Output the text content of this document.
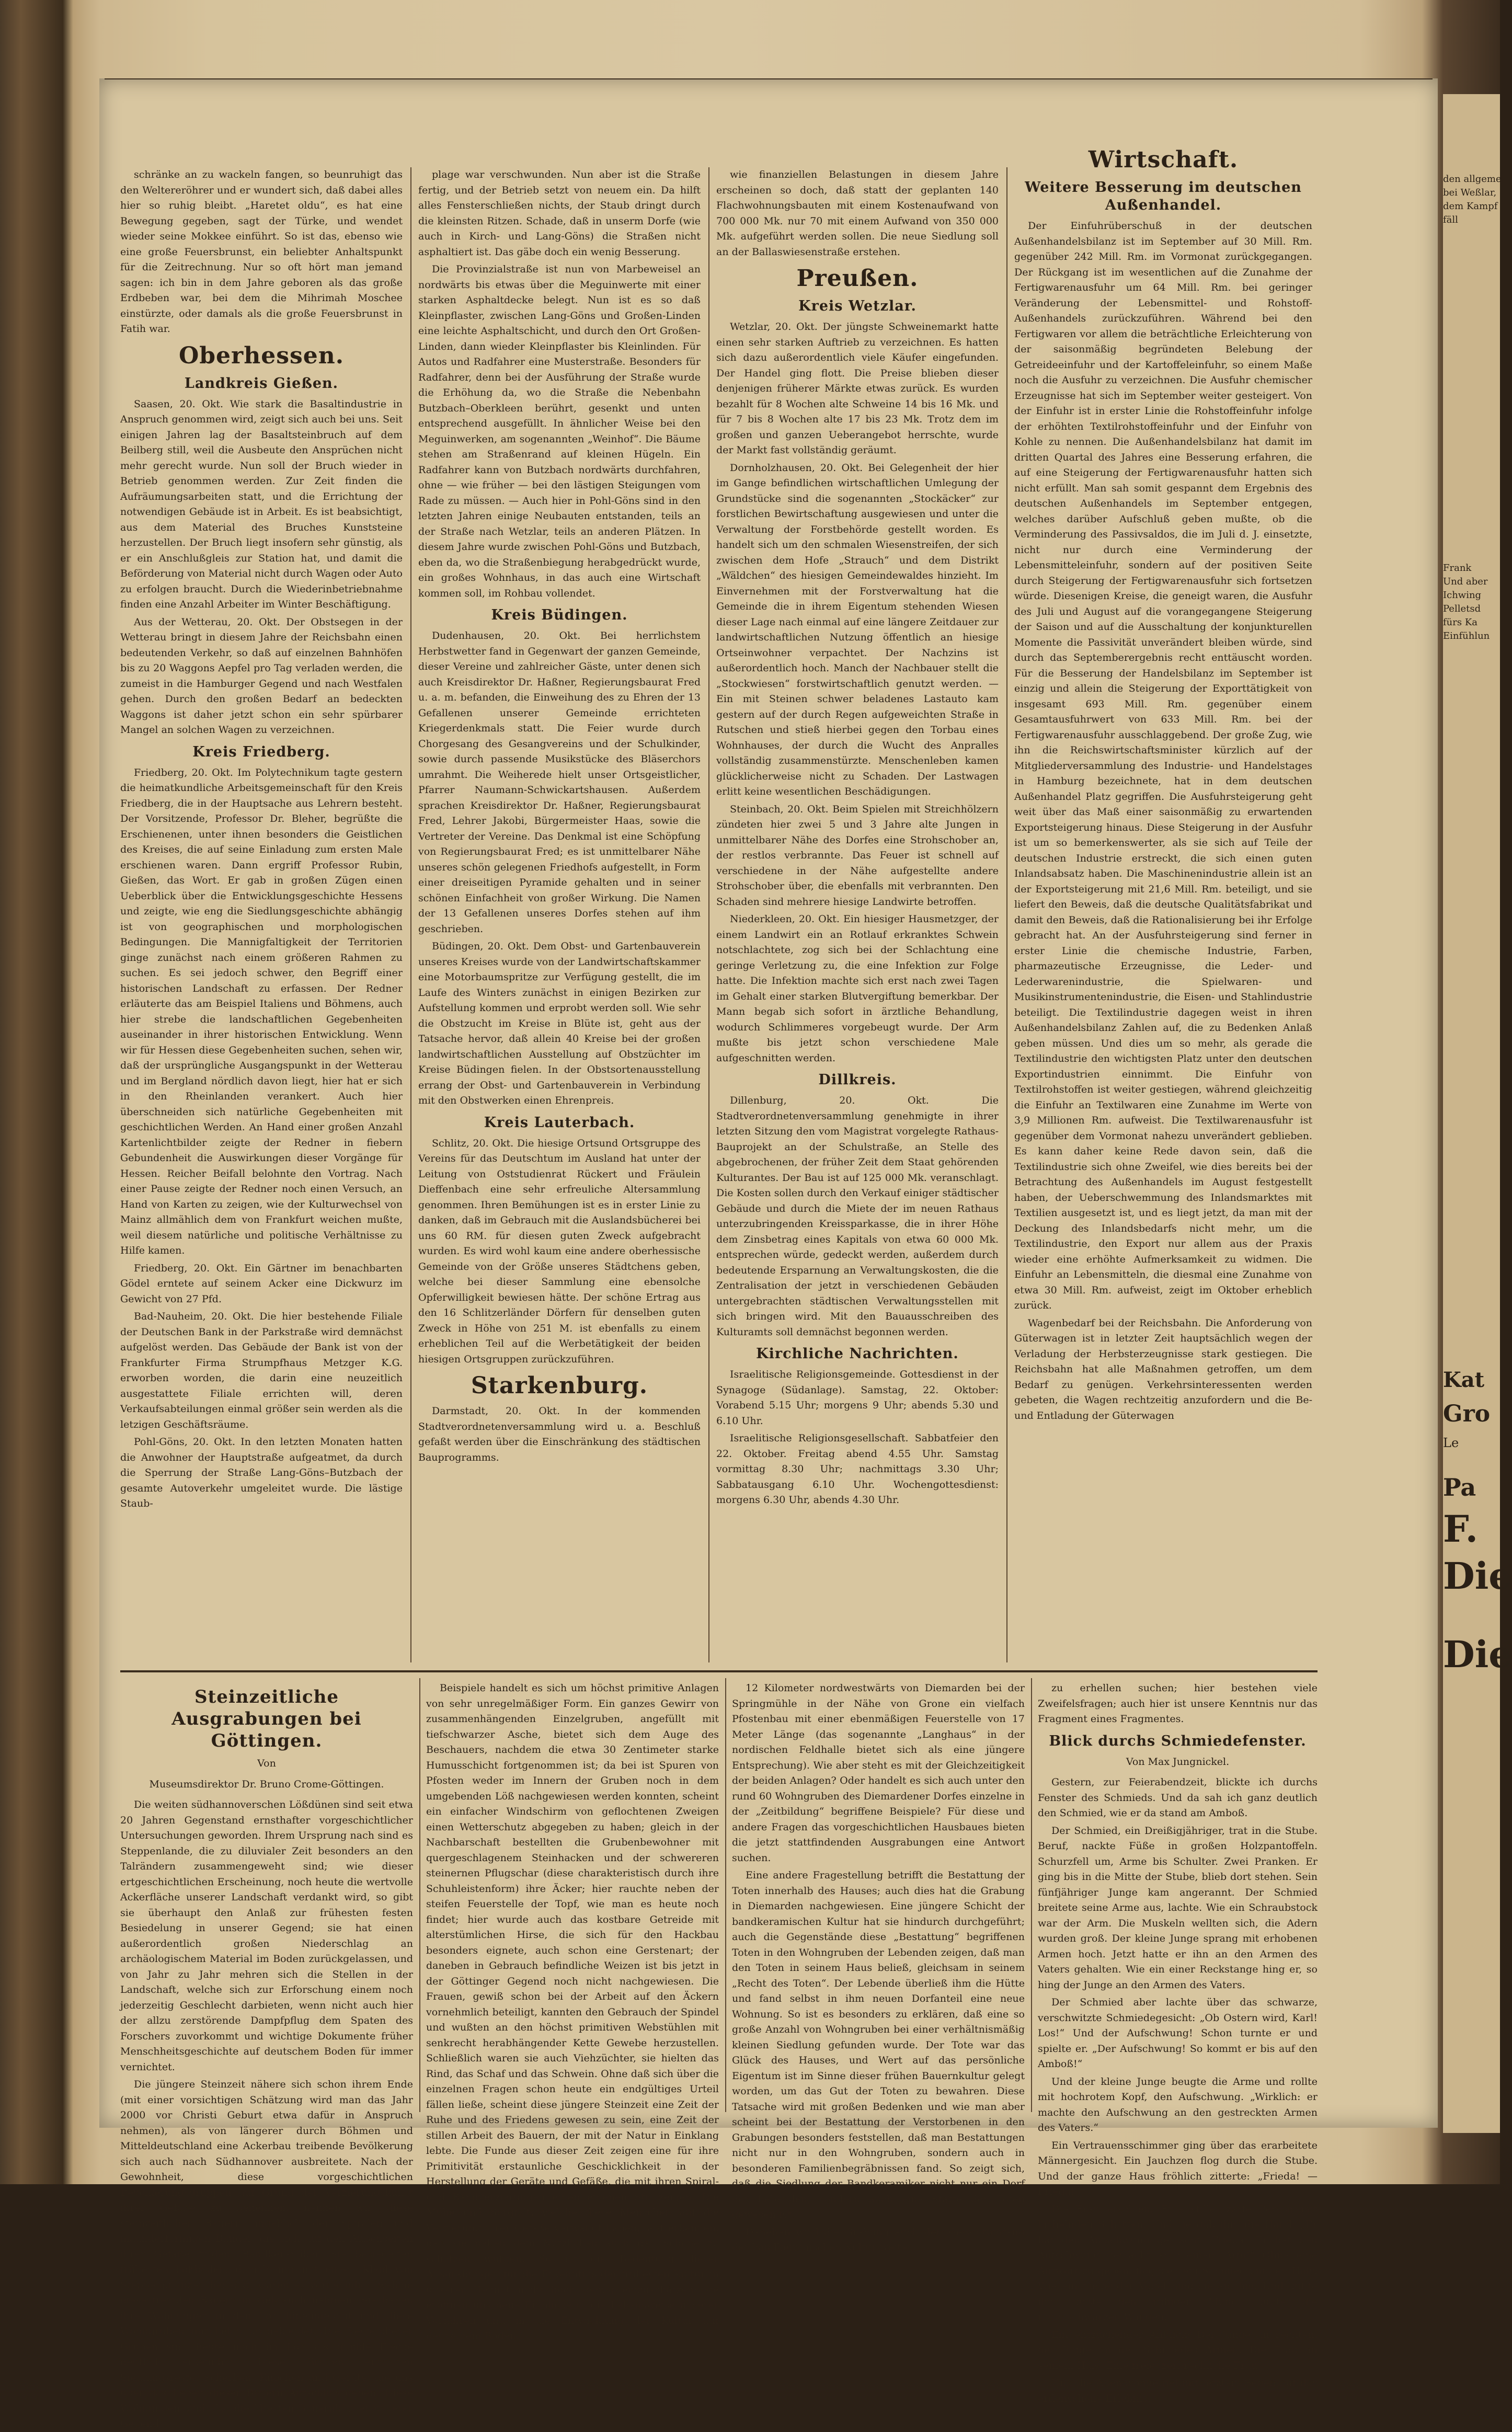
schränke an zu wackeln fangen, so beunruhigt das den Weltereröhrer und er wundert sich, daß dabei alles hier so ruhig bleibt. „Haretet oldu“, es hat eine Bewegung gegeben, sagt der Türke, und wendet wieder seine Mokkee einführt. So ist das, ebenso wie eine große Feuersbrunst, ein beliebter Anhaltspunkt für die Zeitrechnung. Nur so oft hört man jemand sagen: ich bin in dem Jahre geboren als das große Erdbeben war, bei dem die Mihrimah Moschee einstürzte, oder damals als die große Feuersbrunst in Fatih war.

Oberhessen.
Landkreis Gießen.

Saasen, 20. Okt. Wie stark die Basaltindustrie in Anspruch genommen wird, zeigt sich auch bei uns. Seit einigen Jahren lag der Basaltsteinbruch auf dem Beilberg still, weil die Ausbeute den Ansprüchen nicht mehr gerecht wurde. Nun soll der Bruch wieder in Betrieb genommen werden. Zur Zeit finden die Aufräumungsarbeiten statt, und die Errichtung der notwendigen Gebäude ist in Arbeit. Es ist beabsichtigt, aus dem Material des Bruches Kunststeine herzustellen. Der Bruch liegt insofern sehr günstig, als er ein Anschlußgleis zur Station hat, und damit die Beförderung von Material nicht durch Wagen oder Auto zu erfolgen braucht. Durch die Wiederinbetriebnahme finden eine Anzahl Arbeiter im Winter Beschäftigung.

Aus der Wetterau, 20. Okt. Der Obstsegen in der Wetterau bringt in diesem Jahre der Reichsbahn einen bedeutenden Verkehr, so daß auf einzelnen Bahnhöfen bis zu 20 Waggons Aepfel pro Tag verladen werden, die zumeist in die Hamburger Gegend und nach Westfalen gehen. Durch den großen Bedarf an bedeckten Waggons ist daher jetzt schon ein sehr spürbarer Mangel an solchen Wagen zu verzeichnen.

Kreis Friedberg.

Friedberg, 20. Okt. Im Polytechnikum tagte gestern die heimatkundliche Arbeitsgemeinschaft für den Kreis Friedberg, die in der Hauptsache aus Lehrern besteht. Der Vorsitzende, Professor Dr. Bleher, begrüßte die Erschienenen, unter ihnen besonders die Geistlichen des Kreises, die auf seine Einladung zum ersten Male erschienen waren. Dann ergriff Professor Rubin, Gießen, das Wort. Er gab in großen Zügen einen Ueberblick über die Entwicklungsgeschichte Hessens und zeigte, wie eng die Siedlungsgeschichte abhängig ist von geographischen und morphologischen Bedingungen. Die Mannigfaltigkeit der Territorien ginge zunächst nach einem größeren Rahmen zu suchen. Es sei jedoch schwer, den Begriff einer historischen Landschaft zu erfassen. Der Redner erläuterte das am Beispiel Italiens und Böhmens, auch hier strebe die landschaftlichen Gegebenheiten auseinander in ihrer historischen Entwicklung. Wenn wir für Hessen diese Gegebenheiten suchen, sehen wir, daß der ursprüngliche Ausgangspunkt in der Wetterau und im Bergland nördlich davon liegt, hier hat er sich in den Rheinlanden verankert. Auch hier überschneiden sich natürliche Gegebenheiten mit geschichtlichen Werden. An Hand einer großen Anzahl Kartenlichtbilder zeigte der Redner in fiebern Gebundenheit die Auswirkungen dieser Vorgänge für Hessen. Reicher Beifall belohnte den Vortrag. Nach einer Pause zeigte der Redner noch einen Versuch, an Hand von Karten zu zeigen, wie der Kulturwechsel von Mainz allmählich dem von Frankfurt weichen mußte, weil diesem natürliche und politische Verhältnisse zu Hilfe kamen.

Friedberg, 20. Okt. Ein Gärtner im benachbarten Gödel erntete auf seinem Acker eine Dickwurz im Gewicht von 27 Pfd.

Bad-Nauheim, 20. Okt. Die hier bestehende Filiale der Deutschen Bank in der Parkstraße wird demnächst aufgelöst werden. Das Gebäude der Bank ist von der Frankfurter Firma Strumpfhaus Metzger K.G. erworben worden, die darin eine neuzeitlich ausgestattete Filiale errichten will, deren Verkaufsabteilungen einmal größer sein werden als die letzigen Geschäftsräume.

Pohl-Göns, 20. Okt. In den letzten Monaten hatten die Anwohner der Hauptstraße aufgeatmet, da durch die Sperrung der Straße Lang-Göns–Butzbach der gesamte Autoverkehr umgeleitet wurde. Die lästige Staub-

plage war verschwunden. Nun aber ist die Straße fertig, und der Betrieb setzt von neuem ein. Da hilft alles Fensterschließen nichts, der Staub dringt durch die kleinsten Ritzen. Schade, daß in unserm Dorfe (wie auch in Kirch- und Lang-Göns) die Straßen nicht asphaltiert ist. Das gäbe doch ein wenig Besserung.

Die Provinzialstraße ist nun von Marbeweisel an nordwärts bis etwas über die Meguinwerte mit einer starken Asphaltdecke belegt. Nun ist es so daß Kleinpflaster, zwischen Lang-Göns und Großen-Linden eine leichte Asphaltschicht, und durch den Ort Großen-Linden, dann wieder Kleinpflaster bis Kleinlinden. Für Autos und Radfahrer eine Musterstraße. Besonders für Radfahrer, denn bei der Ausführung der Straße wurde die Erhöhung da, wo die Straße die Nebenbahn Butzbach–Oberkleen berührt, gesenkt und unten entsprechend ausgefüllt. In ähnlicher Weise bei den Meguinwerken, am sogenannten „Weinhof“. Die Bäume stehen am Straßenrand auf kleinen Hügeln. Ein Radfahrer kann von Butzbach nordwärts durchfahren, ohne — wie früher — bei den lästigen Steigungen vom Rade zu müssen. — Auch hier in Pohl-Göns sind in den letzten Jahren einige Neubauten entstanden, teils an der Straße nach Wetzlar, teils an anderen Plätzen. In diesem Jahre wurde zwischen Pohl-Göns und Butzbach, eben da, wo die Straßenbiegung herabgedrückt wurde, ein großes Wohnhaus, in das auch eine Wirtschaft kommen soll, im Rohbau vollendet.

Kreis Büdingen.

Dudenhausen, 20. Okt. Bei herrlichstem Herbstwetter fand in Gegenwart der ganzen Gemeinde, dieser Vereine und zahlreicher Gäste, unter denen sich auch Kreisdirektor Dr. Haßner, Regierungsbaurat Fred u. a. m. befanden, die Einweihung des zu Ehren der 13 Gefallenen unserer Gemeinde errichteten Kriegerdenkmals statt. Die Feier wurde durch Chorgesang des Gesangvereins und der Schulkinder, sowie durch passende Musikstücke des Bläserchors umrahmt. Die Weiherede hielt unser Ortsgeistlicher, Pfarrer Naumann-Schwickartshausen. Außerdem sprachen Kreisdirektor Dr. Haßner, Regierungsbaurat Fred, Lehrer Jakobi, Bürgermeister Haas, sowie die Vertreter der Vereine. Das Denkmal ist eine Schöpfung von Regierungsbaurat Fred; es ist unmittelbarer Nähe unseres schön gelegenen Friedhofs aufgestellt, in Form einer dreiseitigen Pyramide gehalten und in seiner schönen Einfachheit von großer Wirkung. Die Namen der 13 Gefallenen unseres Dorfes stehen auf ihm geschrieben.

Büdingen, 20. Okt. Dem Obst- und Gartenbauverein unseres Kreises wurde von der Landwirtschaftskammer eine Motorbaumspritze zur Verfügung gestellt, die im Laufe des Winters zunächst in einigen Bezirken zur Aufstellung kommen und erprobt werden soll. Wie sehr die Obstzucht im Kreise in Blüte ist, geht aus der Tatsache hervor, daß allein 40 Kreise bei der großen landwirtschaftlichen Ausstellung auf Obstzüchter im Kreise Büdingen fielen. In der Obstsortenausstellung errang der Obst- und Gartenbauverein in Verbindung mit den Obstwerken einen Ehrenpreis.

Kreis Lauterbach.

Schlitz, 20. Okt. Die hiesige Ortsund Ortsgruppe des Vereins für das Deutschtum im Ausland hat unter der Leitung von Oststudienrat Rückert und Fräulein Dieffenbach eine sehr erfreuliche Altersammlung genommen. Ihren Bemühungen ist es in erster Linie zu danken, daß im Gebrauch mit die Auslandsbücherei bei uns 60 RM. für diesen guten Zweck aufgebracht wurden. Es wird wohl kaum eine andere oberhessische Gemeinde von der Größe unseres Städtchens geben, welche bei dieser Sammlung eine ebensolche Opferwilligkeit bewiesen hätte. Der schöne Ertrag aus den 16 Schlitzerländer Dörfern für denselben guten Zweck in Höhe von 251 M. ist ebenfalls zu einem erheblichen Teil auf die Werbetätigkeit der beiden hiesigen Ortsgruppen zurückzuführen.

Starkenburg.

Darmstadt, 20. Okt. In der kommenden Stadtverordnetenversammlung wird u. a. Beschluß gefaßt werden über die Einschränkung des städtischen Bauprogramms.

wie finanziellen Belastungen in diesem Jahre erscheinen so doch, daß statt der geplanten 140 Flachwohnungsbauten mit einem Kostenaufwand von 700 000 Mk. nur 70 mit einem Aufwand von 350 000 Mk. aufgeführt werden sollen. Die neue Siedlung soll an der Ballaswiesenstraße erstehen.

Preußen.
Kreis Wetzlar.

Wetzlar, 20. Okt. Der jüngste Schweinemarkt hatte einen sehr starken Auftrieb zu verzeichnen. Es hatten sich dazu außerordentlich viele Käufer eingefunden. Der Handel ging flott. Die Preise blieben dieser denjenigen früherer Märkte etwas zurück. Es wurden bezahlt für 8 Wochen alte Schweine 14 bis 16 Mk. und für 7 bis 8 Wochen alte 17 bis 23 Mk. Trotz dem im großen und ganzen Ueberangebot herrschte, wurde der Markt fast vollständig geräumt.

Dornholzhausen, 20. Okt. Bei Gelegenheit der hier im Gange befindlichen wirtschaftlichen Umlegung der Grundstücke sind die sogenannten „Stockäcker“ zur forstlichen Bewirtschaftung ausgewiesen und unter die Verwaltung der Forstbehörde gestellt worden. Es handelt sich um den schmalen Wiesenstreifen, der sich zwischen dem Hofe „Strauch“ und dem Distrikt „Wäldchen“ des hiesigen Gemeindewaldes hinzieht. Im Einvernehmen mit der Forstverwaltung hat die Gemeinde die in ihrem Eigentum stehenden Wiesen dieser Lage nach einmal auf eine längere Zeitdauer zur landwirtschaftlichen Nutzung öffentlich an hiesige Ortseinwohner verpachtet. Der Nachzins ist außerordentlich hoch. Manch der Nachbauer stellt die „Stockwiesen“ forstwirtschaftlich genutzt werden. — Ein mit Steinen schwer beladenes Lastauto kam gestern auf der durch Regen aufgeweichten Straße in Rutschen und stieß hierbei gegen den Torbau eines Wohnhauses, der durch die Wucht des Anpralles vollständig zusammenstürzte. Menschenleben kamen glücklicherweise nicht zu Schaden. Der Lastwagen erlitt keine wesentlichen Beschädigungen.

Steinbach, 20. Okt. Beim Spielen mit Streichhölzern zündeten hier zwei 5 und 3 Jahre alte Jungen in unmittelbarer Nähe des Dorfes eine Strohschober an, der restlos verbrannte. Das Feuer ist schnell auf verschiedene in der Nähe aufgestellte andere Strohschober über, die ebenfalls mit verbrannten. Den Schaden sind mehrere hiesige Landwirte betroffen.

Niederkleen, 20. Okt. Ein hiesiger Hausmetzger, der einem Landwirt ein an Rotlauf erkranktes Schwein notschlachtete, zog sich bei der Schlachtung eine geringe Verletzung zu, die eine Infektion zur Folge hatte. Die Infektion machte sich erst nach zwei Tagen im Gehalt einer starken Blutvergiftung bemerkbar. Der Mann begab sich sofort in ärztliche Behandlung, wodurch Schlimmeres vorgebeugt wurde. Der Arm mußte bis jetzt schon verschiedene Male aufgeschnitten werden.

Dillkreis.

Dillenburg, 20. Okt. Die Stadtverordnetenversammlung genehmigte in ihrer letzten Sitzung den vom Magistrat vorgelegte Rathaus-Bauprojekt an der Schulstraße, an Stelle des abgebrochenen, der früher Zeit dem Staat gehörenden Kulturantes. Der Bau ist auf 125 000 Mk. veranschlagt. Die Kosten sollen durch den Verkauf einiger städtischer Gebäude und durch die Miete der im neuen Rathaus unterzubringenden Kreissparkasse, die in ihrer Höhe dem Zinsbetrag eines Kapitals von etwa 60 000 Mk. entsprechen würde, gedeckt werden, außerdem durch bedeutende Ersparnung an Verwaltungskosten, die die Zentralisation der jetzt in verschiedenen Gebäuden untergebrachten städtischen Verwaltungsstellen mit sich bringen wird. Mit den Bauausschreiben des Kulturamts soll demnächst begonnen werden.

Kirchliche Nachrichten.

Israelitische Religionsgemeinde. Gottesdienst in der Synagoge (Südanlage). Samstag, 22. Oktober: Vorabend 5.15 Uhr; morgens 9 Uhr; abends 5.30 und 6.10 Uhr.

Israelitische Religionsgesellschaft. Sabbatfeier den 22. Oktober. Freitag abend 4.55 Uhr. Samstag vormittag 8.30 Uhr; nachmittags 3.30 Uhr; Sabbatausgang 6.10 Uhr. Wochengottesdienst: morgens 6.30 Uhr, abends 4.30 Uhr.

Wirtschaft.
Weitere Besserung im deutschen Außenhandel.

Der Einfuhrüberschuß in der deutschen Außenhandelsbilanz ist im September auf 30 Mill. Rm. gegenüber 242 Mill. Rm. im Vormonat zurückgegangen. Der Rückgang ist im wesentlichen auf die Zunahme der Fertigwarenausfuhr um 64 Mill. Rm. bei geringer Veränderung der Lebensmittel- und Rohstoff-Außenhandels zurückzuführen. Während bei den Fertigwaren vor allem die beträchtliche Erleichterung von der saisonmäßig begründeten Belebung der Getreideeinfuhr und der Kartoffeleinfuhr, so einem Maße noch die Ausfuhr zu verzeichnen. Die Ausfuhr chemischer Erzeugnisse hat sich im September weiter gesteigert. Von der Einfuhr ist in erster Linie die Rohstoffeinfuhr infolge der erhöhten Textilrohstoffeinfuhr und der Einfuhr von Kohle zu nennen. Die Außenhandelsbilanz hat damit im dritten Quartal des Jahres eine Besserung erfahren, die auf eine Steigerung der Fertigwarenausfuhr hatten sich nicht erfüllt. Man sah somit gespannt dem Ergebnis des deutschen Außenhandels im September entgegen, welches darüber Aufschluß geben mußte, ob die Verminderung des Passivsaldos, die im Juli d. J. einsetzte, nicht nur durch eine Verminderung der Lebensmitteleinfuhr, sondern auf der positiven Seite durch Steigerung der Fertigwarenausfuhr sich fortsetzen würde. Diesenigen Kreise, die geneigt waren, die Ausfuhr des Juli und August auf die vorangegangene Steigerung der Saison und auf die Ausschaltung der konjunkturellen Momente die Passivität unverändert bleiben würde, sind durch das Septemberergebnis recht enttäuscht worden. Für die Besserung der Handelsbilanz im September ist einzig und allein die Steigerung der Exporttätigkeit von insgesamt 693 Mill. Rm. gegenüber einem Gesamtausfuhrwert von 633 Mill. Rm. bei der Fertigwarenausfuhr ausschlaggebend. Der große Zug, wie ihn die Reichswirtschaftsminister kürzlich auf der Mitgliederversammlung des Industrie- und Handelstages in Hamburg bezeichnete, hat in dem deutschen Außenhandel Platz gegriffen. Die Ausfuhrsteigerung geht weit über das Maß einer saisonmäßig zu erwartenden Exportsteigerung hinaus. Diese Steigerung in der Ausfuhr ist um so bemerkenswerter, als sie sich auf Teile der deutschen Industrie erstreckt, die sich einen guten Inlandsabsatz haben. Die Maschinenindustrie allein ist an der Exportsteigerung mit 21,6 Mill. Rm. beteiligt, und sie liefert den Beweis, daß die deutsche Qualitätsfabrikat und damit den Beweis, daß die Rationalisierung bei ihr Erfolge gebracht hat. An der Ausfuhrsteigerung sind ferner in erster Linie die chemische Industrie, Farben, pharmazeutische Erzeugnisse, die Leder- und Lederwarenindustrie, die Spielwaren- und Musikinstrumentenindustrie, die Eisen- und Stahlindustrie beteiligt. Die Textilindustrie dagegen weist in ihren Außenhandelsbilanz Zahlen auf, die zu Bedenken Anlaß geben müssen. Und dies um so mehr, als gerade die Textilindustrie den wichtigsten Platz unter den deutschen Exportindustrien einnimmt. Die Einfuhr von Textilrohstoffen ist weiter gestiegen, während gleichzeitig die Einfuhr an Textilwaren eine Zunahme im Werte von 3,9 Millionen Rm. aufweist. Die Textilwarenausfuhr ist gegenüber dem Vormonat nahezu unverändert geblieben. Es kann daher keine Rede davon sein, daß die Textilindustrie sich ohne Zweifel, wie dies bereits bei der Betrachtung des Außenhandels im August festgestellt haben, der Ueberschwemmung des Inlandsmarktes mit Textilien ausgesetzt ist, und es liegt jetzt, da man mit der Deckung des Inlandsbedarfs nicht mehr, um die Textilindustrie, den Export nur allem aus der Praxis wieder eine erhöhte Aufmerksamkeit zu widmen. Die Einfuhr an Lebensmitteln, die diesmal eine Zunahme von etwa 30 Mill. Rm. aufweist, zeigt im Oktober erheblich zurück.

Wagenbedarf bei der Reichsbahn. Die Anforderung von Güterwagen ist in letzter Zeit hauptsächlich wegen der Verladung der Herbsterzeugnisse stark gestiegen. Die Reichsbahn hat alle Maßnahmen getroffen, um dem Bedarf zu genügen. Verkehrsinteressenten werden gebeten, die Wagen rechtzeitig anzufordern und die Be- und Entladung der Güterwagen

Steinzeitliche Ausgrabungen bei Göttingen.
Von
Museumsdirektor Dr. Bruno Crome-Göttingen.

Die weiten südhannoverschen Lößdünen sind seit etwa 20 Jahren Gegenstand ernsthafter vorgeschichtlicher Untersuchungen geworden. Ihrem Ursprung nach sind es Steppenlande, die zu diluvialer Zeit besonders an den Talrändern zusammengeweht sind; wie dieser ertgeschichtlichen Erscheinung, noch heute die wertvolle Ackerfläche unserer Landschaft verdankt wird, so gibt sie überhaupt den Anlaß zur frühesten festen Besiedelung in unserer Gegend; sie hat einen außerordentlich großen Niederschlag an archäologischem Material im Boden zurückgelassen, und von Jahr zu Jahr mehren sich die Stellen in der Landschaft, welche sich zur Erforschung einem noch jederzeitig Geschlecht darbieten, wenn nicht auch hier der allzu zerstörende Dampfpflug dem Spaten des Forschers zuvorkommt und wichtige Dokumente früher Menschheitsgeschichte auf deutschem Boden für immer vernichtet.

Die jüngere Steinzeit nähere sich schon ihrem Ende (mit einer vorsichtigen Schätzung wird man das Jahr 2000 vor Christi Geburt etwa dafür in Anspruch nehmen), als von längerer durch Böhmen und Mitteldeutschland eine Ackerbau treibende Bevölkerung sich auch nach Südhannover ausbreitete. Nach der Gewohnheit, diese vorgeschichtlichen Bevölkerungsgruppen auf Grund der Verzierungskunst ihrer Gefäße zu benennen, nennen wir diese steinzeitlichen Bauern angeblich der Spiralen und mäanderförmigen Bänder, die sich auf den Außenseiten ihrer Gefäße finden, Bandkeramiker. Sie besiedelten frühesten Lößböden, damals nur mit einem Kleid von Steppenpflanzen bedeckt, waren es vornehmlich welche diese fremden Bauern in Gebrauch nahmen. Sie haben ihre Wohnungen in den Löß hineingebaut und diese Wohngruben mit Lehm ausgekleidet. Die Reste dieser Gruben sind heute noch im Löß als dunkle Flecke deutlich erkennbar. Diese Gruben enthalten Siedlungsreste, Scherben, Knochen und Geräte, die uns über das Leben dieser Bauern Aufschluß geben. Diese Wohnungen sind also die ältesten Bauernhäuser unserer Gegend.

Beispiele handelt es sich um höchst primitive Anlagen von sehr unregelmäßiger Form. Ein ganzes Gewirr von zusammenhängenden Einzelgruben, angefüllt mit tiefschwarzer Asche, bietet sich dem Auge des Beschauers, nachdem die etwa 30 Zentimeter starke Humusschicht fortgenommen ist; da bei ist Spuren von Pfosten weder im Innern der Gruben noch in dem umgebenden Löß nachgewiesen werden konnten, scheint ein einfacher Windschirm von geflochtenen Zweigen einen Wetterschutz abgegeben zu haben; gleich in der Nachbarschaft bestellten die Grubenbewohner mit quergeschlagenem Steinhacken und der schwereren steinernen Pflugschar (diese charakteristisch durch ihre Schuhleistenform) ihre Äcker; hier rauchte neben der steifen Feuerstelle der Topf, wie man es heute noch findet; hier wurde auch das kostbare Getreide mit alterstümlichen Hirse, die sich für den Hackbau besonders eignete, auch schon eine Gerstenart; der daneben in Gebrauch befindliche Weizen ist bis jetzt in der Göttinger Gegend noch nicht nachgewiesen. Die Frauen, gewiß schon bei der Arbeit auf den Äckern vornehmlich beteiligt, kannten den Gebrauch der Spindel und wußten an den höchst primitiven Webstühlen mit senkrecht herabhängender Kette Gewebe herzustellen. Schließlich waren sie auch Viehzüchter, sie hielten das Rind, das Schaf und das Schwein. Ohne daß sich über die einzelnen Fragen schon heute ein endgültiges Urteil fällen ließe, scheint diese jüngere Steinzeit eine Zeit der Ruhe und des Friedens gewesen zu sein, eine Zeit der stillen Arbeit des Bauern, der mit der Natur in Einklang lebte. Die Funde aus dieser Zeit zeigen eine für ihre Primitivität erstaunliche Geschicklichkeit in der Herstellung der Geräte und Gefäße, die mit ihren Spiral- und Bandverzierungen einen eigenen Stil zeigen. Die Mühe und Sorgfalt, welche diese Menschen auf die Verzierung ihrer Gefäße verwandt haben, läßt erkennen, daß sie neben dem Nützlichen auch das Schöne zu schätzen wußten. So ist die Bedeutung dieser Ausgrabungen für die Erkenntnis der frühesten Kultur in unserer Heimat nicht hoch genug einzuschätzen; sie eröffnen uns neue Einblicke in die Lebensweise unserer Vorfahren und in die Entwicklung der Kultur auf deutschem Boden.

12 Kilometer nordwestwärts von Diemarden bei der Springmühle in der Nähe von Grone ein vielfach Pfostenbau mit einer ebenmäßigen Feuerstelle von 17 Meter Länge (das sogenannte „Langhaus“ in der nordischen Feldhalle bietet sich als eine jüngere Entsprechung). Wie aber steht es mit der Gleichzeitigkeit der beiden Anlagen? Oder handelt es sich auch unter den rund 60 Wohngruben des Diemardener Dorfes einzelne in der „Zeitbildung“ begriffene Beispiele? Für diese und andere Fragen das vorgeschichtlichen Hausbaues bieten die jetzt stattfindenden Ausgrabungen eine Antwort suchen.

Eine andere Fragestellung betrifft die Bestattung der Toten innerhalb des Hauses; auch dies hat die Grabung in Diemarden nachgewiesen. Eine jüngere Schicht der bandkeramischen Kultur hat sie hindurch durchgeführt; auch die Gegenstände diese „Bestattung“ begriffenen Toten in den Wohngruben der Lebenden zeigen, daß man den Toten in seinem Haus beließ, gleichsam in seinem „Recht des Toten“. Der Lebende überließ ihm die Hütte und fand selbst in ihm neuen Dorfanteil eine neue Wohnung. So ist es besonders zu erklären, daß eine so große Anzahl von Wohngruben bei einer verhältnismäßig kleinen Siedlung gefunden wurde. Der Tote war das Glück des Hauses, und Wert auf das persönliche Eigentum ist im Sinne dieser frühen Bauernkultur gelegt worden, um das Gut der Toten zu bewahren. Diese Tatsache wird mit großen Bedenken und wie man aber scheint bei der Bestattung der Verstorbenen in den Grabungen besonders feststellen, daß man Bestattungen nicht nur in den Wohngruben, sondern auch in besonderen Familienbegräbnissen fand. So zeigt sich, daß die Siedlung der Bandkeramiker nicht nur ein Dorf der Lebenden, sondern auch eine Stätte der Toten gewesen ist.

Daneben wird die Grabung auch den Gesamtumfang der bandkeramischen Kultur weiter

zu erhellen suchen; hier bestehen viele Zweifelsfragen; auch hier ist unsere Kenntnis nur das Fragment eines Fragmentes.

Blick durchs Schmiedefenster.
Von Max Jungnickel.

Gestern, zur Feierabendzeit, blickte ich durchs Fenster des Schmieds. Und da sah ich ganz deutlich den Schmied, wie er da stand am Amboß.

Der Schmied, ein Dreißigjähriger, trat in die Stube. Beruf, nackte Füße in großen Holzpantoffeln. Schurzfell um, Arme bis Schulter. Zwei Pranken. Er ging bis in die Mitte der Stube, blieb dort stehen. Sein fünfjähriger Junge kam angerannt. Der Schmied breitete seine Arme aus, lachte. Wie ein Schraubstock war der Arm. Die Muskeln wellten sich, die Adern wurden groß. Der kleine Junge sprang mit erhobenen Armen hoch. Jetzt hatte er ihn an den Armen des Vaters gehalten. Wie ein einer Reckstange hing er, so hing der Junge an den Armen des Vaters.

Der Schmied aber lachte über das schwarze, verschwitzte Schmiedegesicht: „Ob Ostern wird, Karl! Los!“ Und der Aufschwung! Schon turnte er und spielte er. „Der Aufschwung! So kommt er bis auf den Amboß!“

Und der kleine Junge beugte die Arme und rollte mit hochrotem Kopf, den Aufschwung. „Wirklich: er machte den Aufschwung an den gestreckten Armen des Vaters.“

Ein Vertrauensschimmer ging über das erarbeitete Männergesicht. Ein Jauchzen flog durch die Stube. Und der ganze Haus fröhlich zitterte: „Frieda! — Frieda!“

Die Frau erschien. Eine stille, zarte Person mit lächelnden Schatten. Und sie gab ihm die Hand. „Er hat den Aufschwung gemacht, Frieda! Er hat den Aufschwung gemacht an meinem Arm!“ Ohne eine Antwort zu geben, flog sie dem Schmied um den Hals. Wie ein fliegender Vogel hing sie an ihm. Und küßte ihn, küßte den ruhigen Mund, küßte die rauchschwarzen Wangen.

Ein entzückender Anblick: Der Junge an rechten, der Junge an des Schmiedes Armen. Die Frau an seinem Hals. Eine freie, zerbrechliche Frau.

Und die Abendsonne fiel mit letztem Segen auf das erdenschöne Erlebnis.

den allgeme
bei Weßlar,
dem Kampf
fäll
Frank
Und aber
Ichwing
Pelletsd
fürs Ka
Einfühlun
Kat
Gro
Le
Pa
F.
Die
Die
